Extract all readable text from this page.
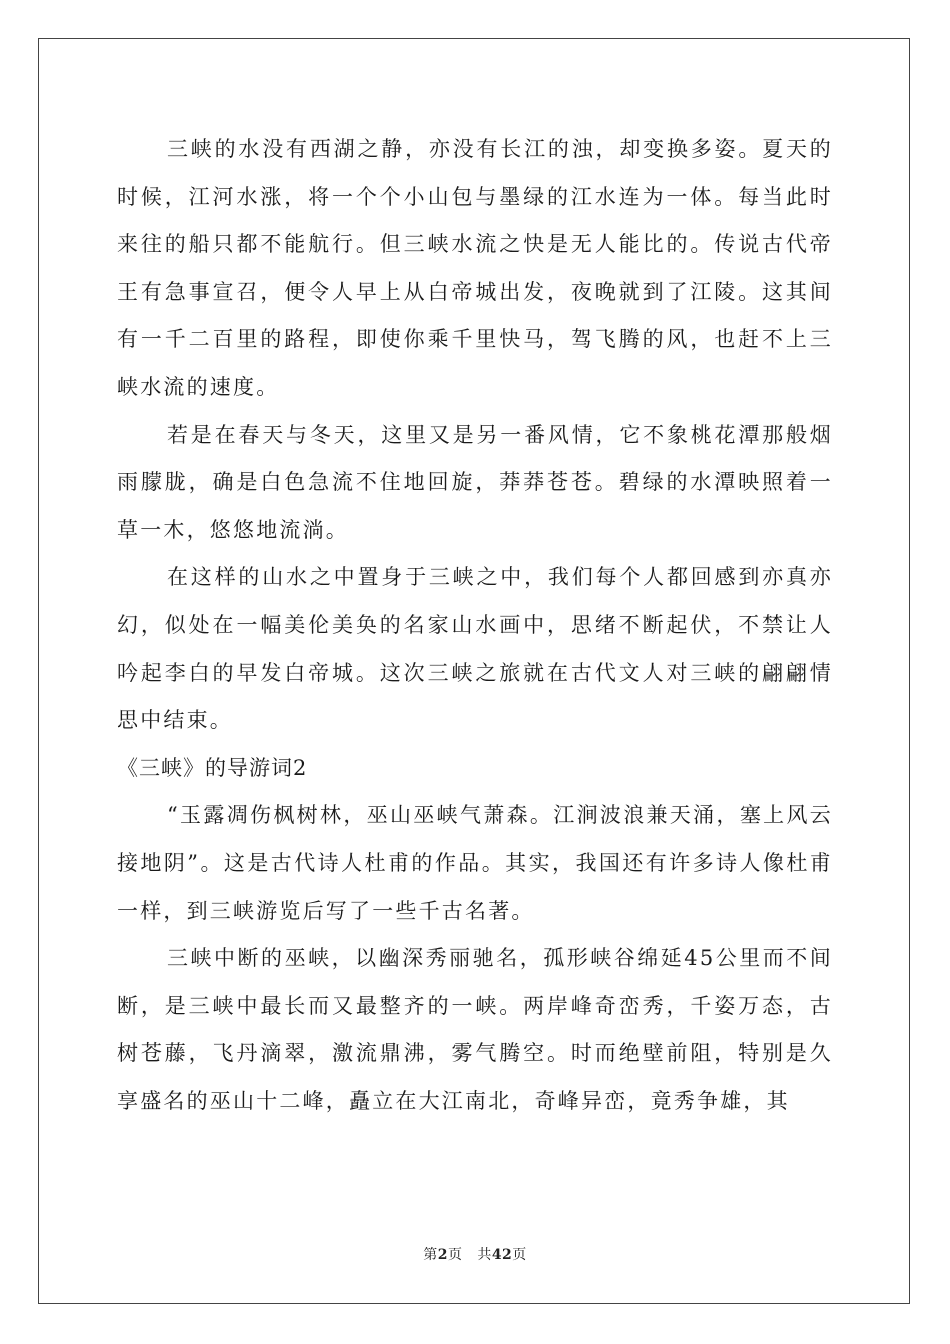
三峡的水没有西湖之静，亦没有长江的浊，却变换多姿。夏天的时候，江河水涨，将一个个小山包与墨绿的江水连为一体。每当此时来往的船只都不能航行。但三峡水流之快是无人能比的。传说古代帝王有急事宣召，便令人早上从白帝城出发，夜晚就到了江陵。这其间有一千二百里的路程，即使你乘千里快马，驾飞腾的风，也赶不上三峡水流的速度。

若是在春天与冬天，这里又是另一番风情，它不象桃花潭那般烟雨朦胧，确是白色急流不住地回旋，莽莽苍苍。碧绿的水潭映照着一草一木，悠悠地流淌。

在这样的山水之中置身于三峡之中，我们每个人都回感到亦真亦幻，似处在一幅美伦美奂的名家山水画中，思绪不断起伏，不禁让人吟起李白的早发白帝城。这次三峡之旅就在古代文人对三峡的翩翩情思中结束。

《三峡》的导游词2

“玉露凋伤枫树林，巫山巫峡气萧森。江涧波浪兼天涌，塞上风云接地阴”。这是古代诗人杜甫的作品。其实，我国还有许多诗人像杜甫一样，到三峡游览后写了一些千古名著。

三峡中断的巫峡，以幽深秀丽驰名，孤形峡谷绵延45公里而不间断，是三峡中最长而又最整齐的一峡。两岸峰奇峦秀，千姿万态，古树苍藤，飞丹滴翠，激流鼎沸，雾气腾空。时而绝壁前阻，特别是久享盛名的巫山十二峰，矗立在大江南北，奇峰异峦，竟秀争雄，其

第2页 共42页
